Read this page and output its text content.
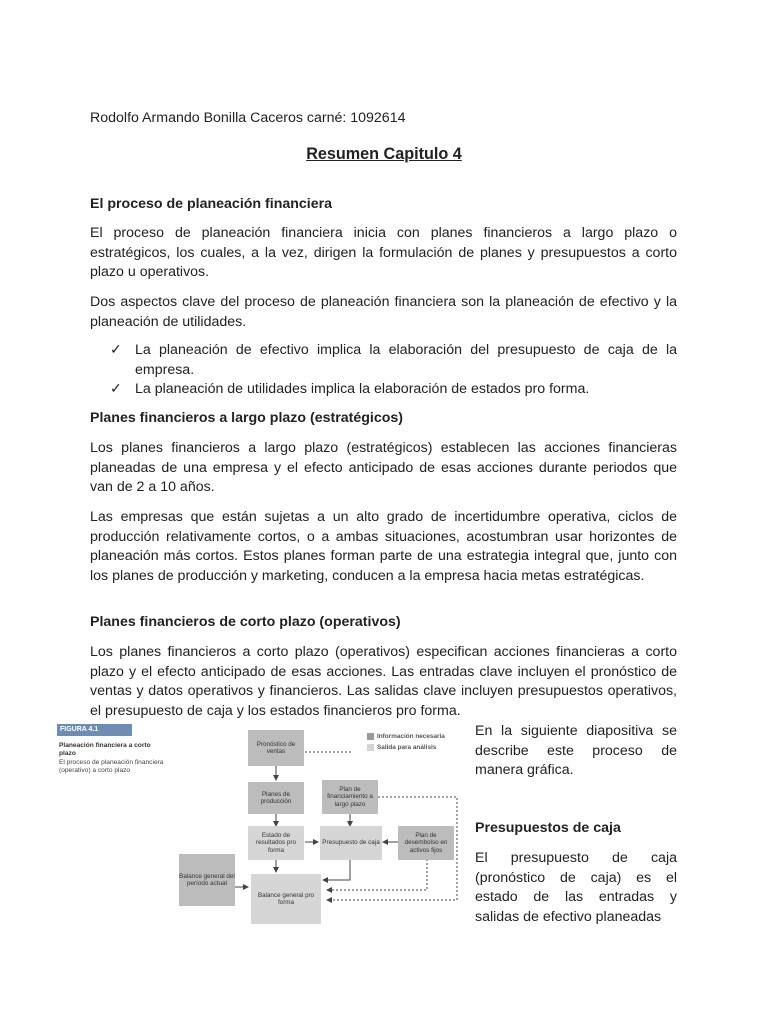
Rodolfo Armando Bonilla Caceros carné: 1092614

Resumen Capitulo 4
El proceso de planeación financiera

El proceso de planeación financiera inicia con planes financieros a largo plazo o estratégicos, los cuales, a la vez, dirigen la formulación de planes y presupuestos a corto plazo u operativos.

Dos aspectos clave del proceso de planeación financiera son la planeación de efectivo y la planeación de utilidades.

✓ La planeación de efectivo implica la elaboración del presupuesto de caja de la empresa.
✓ La planeación de utilidades implica la elaboración de estados pro forma.
Planes financieros a largo plazo (estratégicos)

Los planes financieros a largo plazo (estratégicos) establecen las acciones financieras planeadas de una empresa y el efecto anticipado de esas acciones durante periodos que van de 2 a 10 años.

Las empresas que están sujetas a un alto grado de incertidumbre operativa, ciclos de producción relativamente cortos, o a ambas situaciones, acostumbran usar horizontes de planeación más cortos. Estos planes forman parte de una estrategia integral que, junto con los planes de producción y marketing, conducen a la empresa hacia metas estratégicas.

Planes financieros de corto plazo (operativos)

Los planes financieros a corto plazo (operativos) especifican acciones financieras a corto plazo y el efecto anticipado de esas acciones. Las entradas clave incluyen el pronóstico de ventas y datos operativos y financieros. Las salidas clave incluyen presupuestos operativos, el presupuesto de caja y los estados financieros pro forma.

En la siguiente diapositiva se describe este proceso de manera gráfica.

Presupuestos de caja

El presupuesto de caja (pronóstico de caja) es el estado de las entradas y salidas de efectivo planeadas

FIGURA 4.1
Planeación financiera a corto plazo
El proceso de planeación financiera (operativo) a corto plazo
Información necesaria
Salida para análisis
Pronóstico de ventas
Planes de producción
Plan de financiamiento a largo plazo
Estado de resultados pro forma
Presupuesto de caja
Plan de desembolso en activos fijos
Balance general del período actual
Balance general pro forma
